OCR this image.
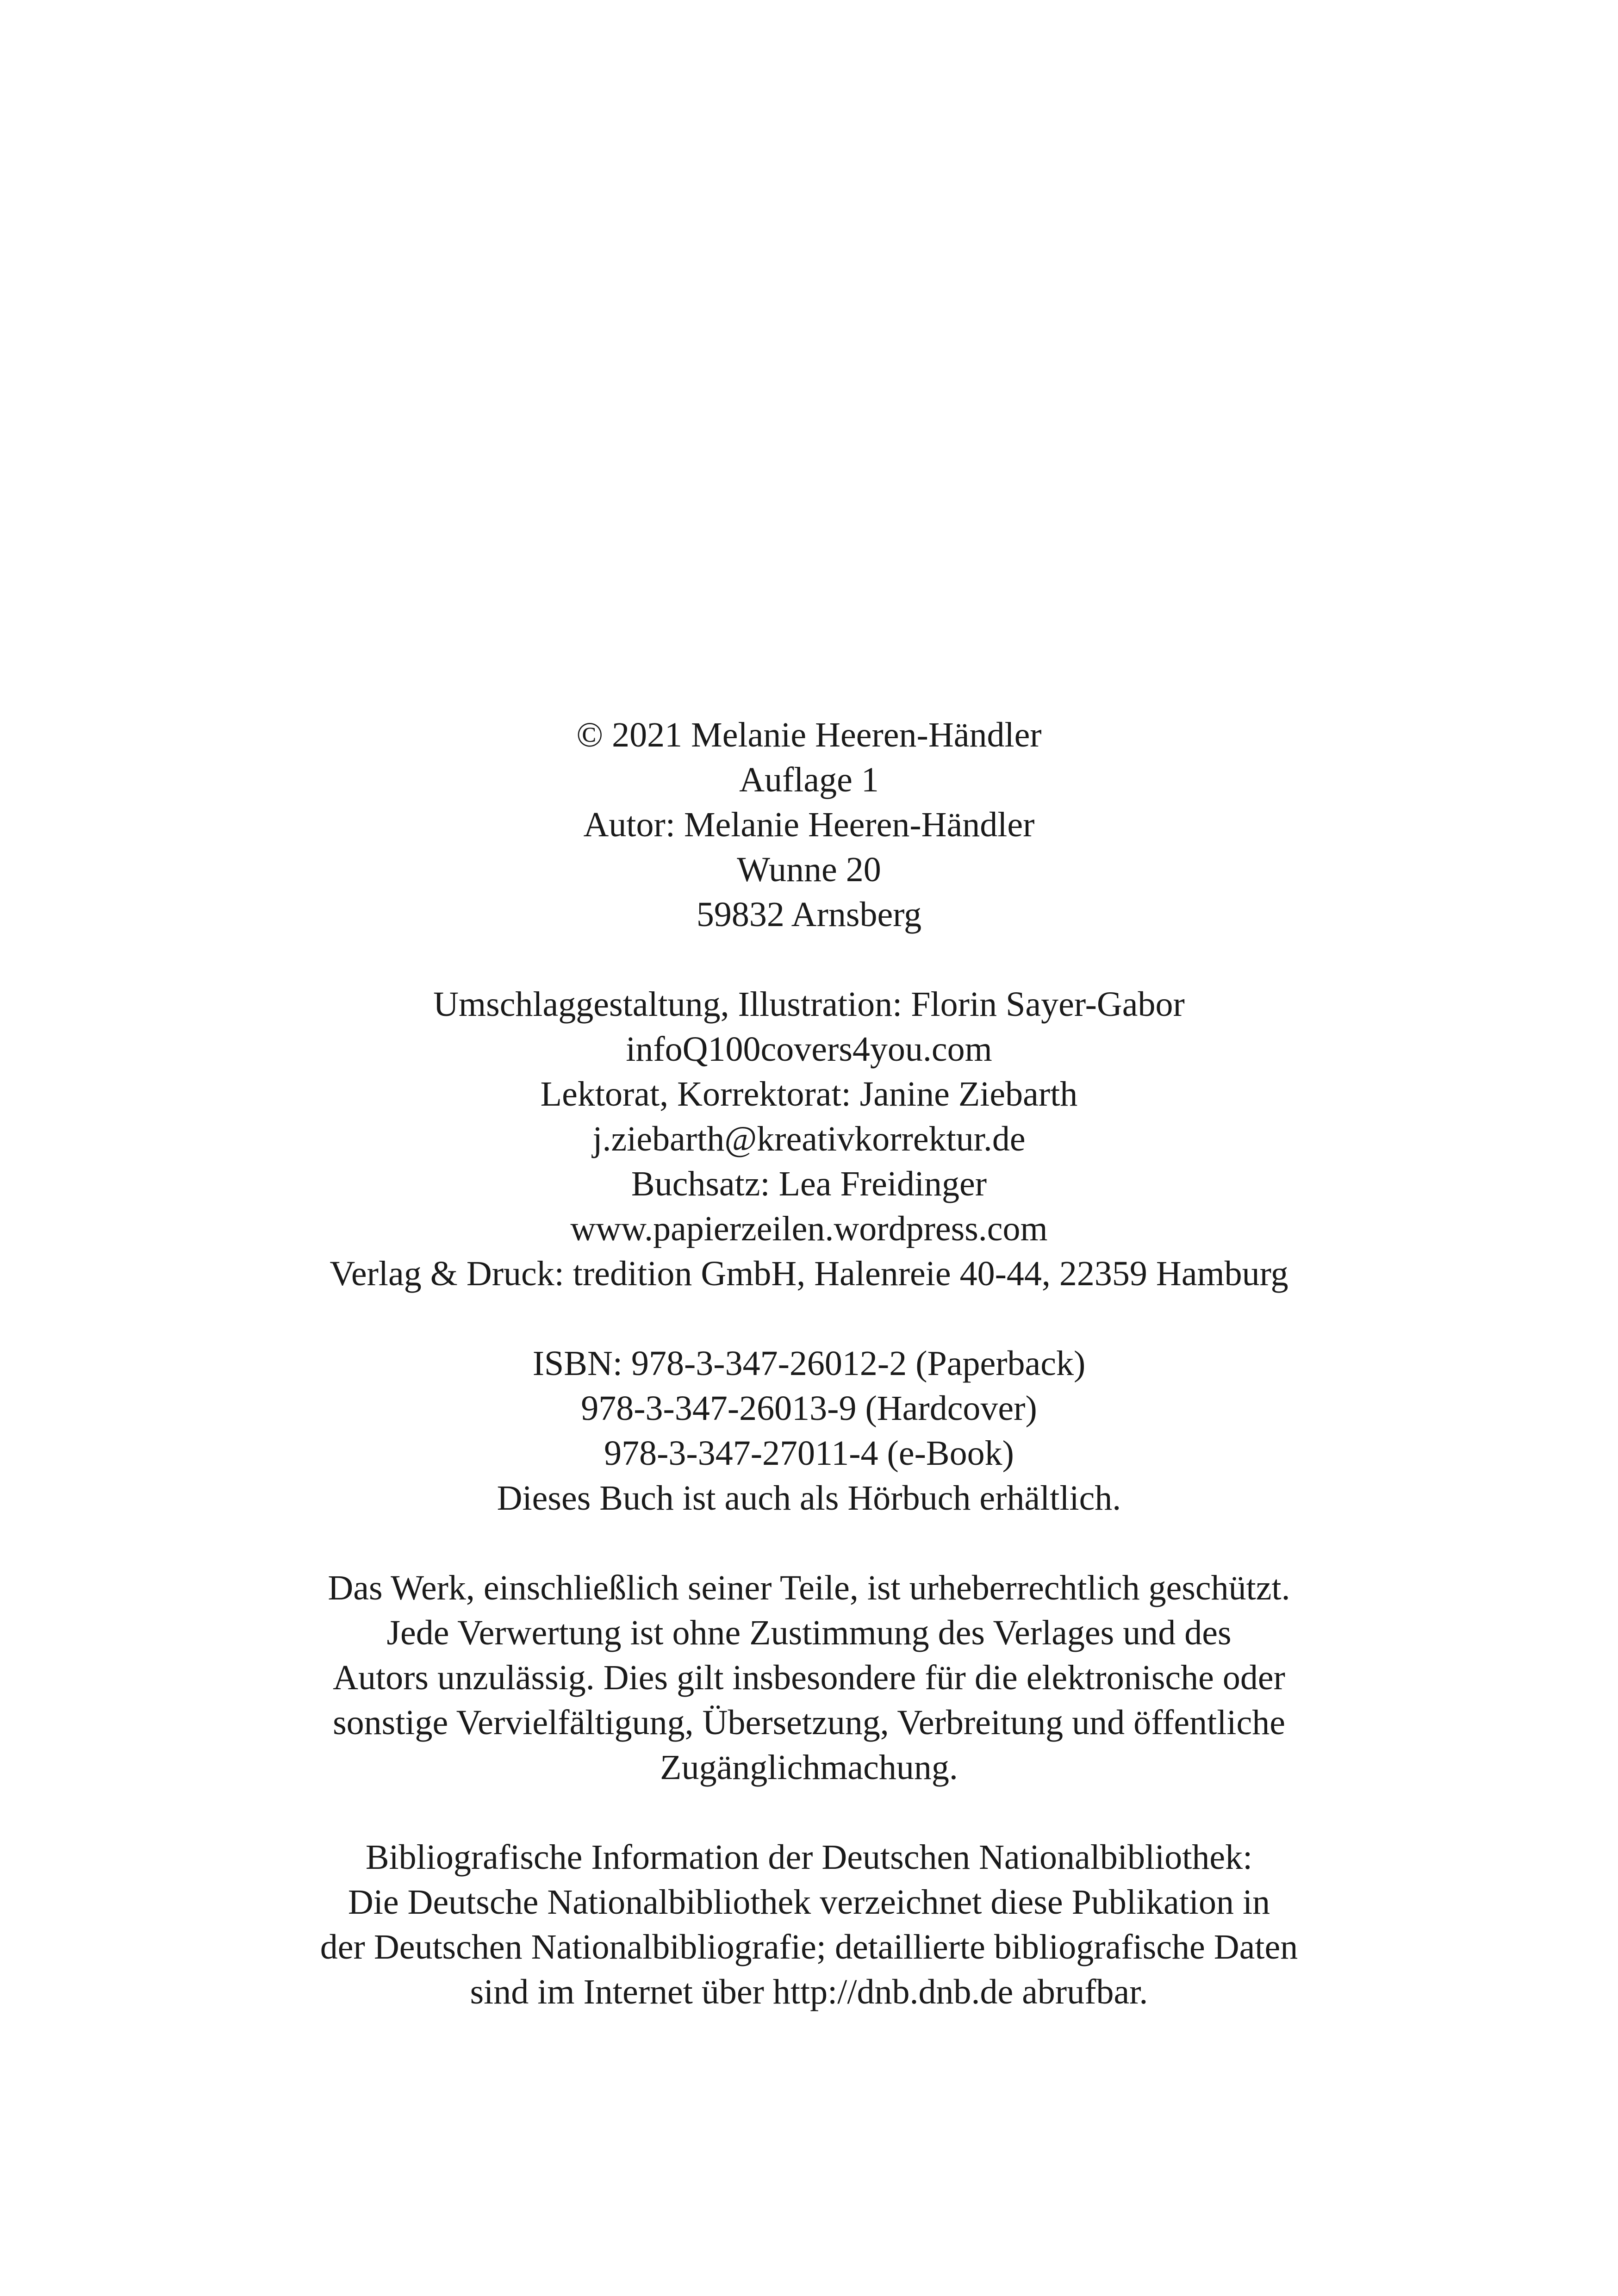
© 2021 Melanie Heeren-Händler
Auflage 1
Autor: Melanie Heeren-Händler
Wunne 20
59832 Arnsberg
Umschlaggestaltung, Illustration: Florin Sayer-Gabor
infoQ100covers4you.com
Lektorat, Korrektorat: Janine Ziebarth
j.ziebarth@kreativkorrektur.de
Buchsatz: Lea Freidinger
www.papierzeilen.wordpress.com
Verlag & Druck: tredition GmbH, Halenreie 40-44, 22359 Hamburg
ISBN: 978-3-347-26012-2 (Paperback)
978-3-347-26013-9 (Hardcover)
978-3-347-27011-4 (e-Book)
Dieses Buch ist auch als Hörbuch erhältlich.
Das Werk, einschließlich seiner Teile, ist urheberrechtlich geschützt.
Jede Verwertung ist ohne Zustimmung des Verlages und des
Autors unzulässig. Dies gilt insbesondere für die elektronische oder
sonstige Vervielfältigung, Übersetzung, Verbreitung und öffentliche
Zugänglichmachung.
Bibliografische Information der Deutschen Nationalbibliothek:
Die Deutsche Nationalbibliothek verzeichnet diese Publikation in
der Deutschen Nationalbibliografie; detaillierte bibliografische Daten
sind im Internet über http://dnb.dnb.de abrufbar.
